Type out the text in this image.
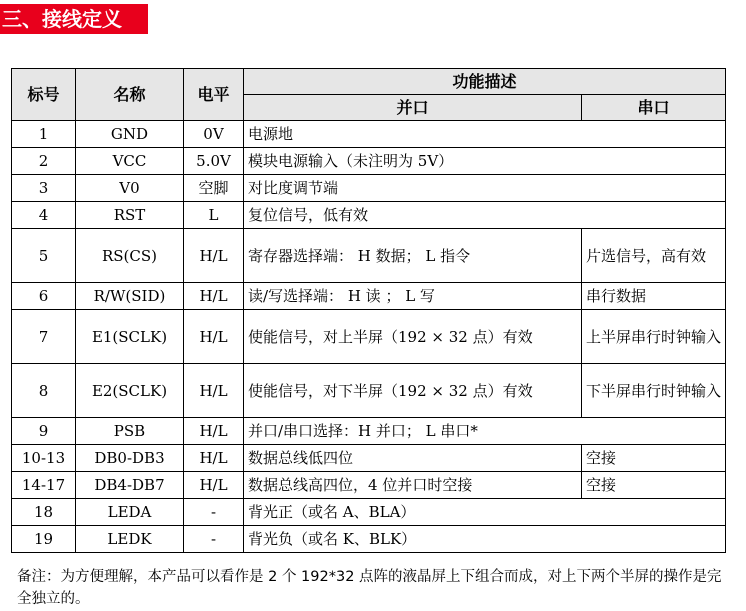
三、接线定义
标号	名称	电平	功能描述	
			并口	串口
1	GND	0V	电源地	
2	VCC	5.0V	模块电源输入（未注明为 5V）	
3	V0	空脚	对比度调节端	
4	RST	L	复位信号，低有效	
5	RS(CS)	H/L	寄存器选择端： H 数据； L 指令	片选信号，高有效
6	R/W(SID)	H/L	读/写选择端： H 读 ； L 写	串行数据
7	E1(SCLK)	H/L	使能信号，对上半屏（192 × 32 点）有效	上半屏串行时钟输入
8	E2(SCLK)	H/L	使能信号，对下半屏（192 × 32 点）有效	下半屏串行时钟输入
9	PSB	H/L	并口/串口选择：H 并口； L 串口*	
10-13	DB0-DB3	H/L	数据总线低四位	空接
14-17	DB4-DB7	H/L	数据总线高四位，4 位并口时空接	空接
18	LEDA	-	背光正（或名 A、BLA）	
19	LEDK	-	背光负（或名 K、BLK）	
备注：为方便理解，本产品可以看作是 2 个 192*32 点阵的液晶屏上下组合而成，对上下两个半屏的操作是完全独立的。
